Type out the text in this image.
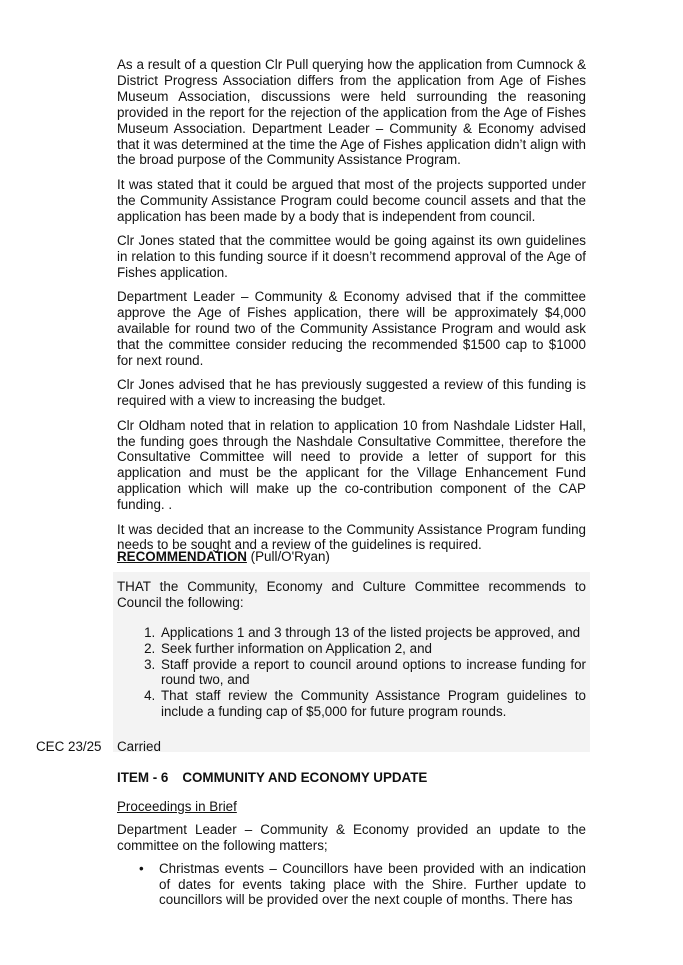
As a result of a question Clr Pull querying how the application from Cumnock & District Progress Association differs from the application from Age of Fishes Museum Association, discussions were held surrounding the reasoning provided in the report for the rejection of the application from the Age of Fishes Museum Association. Department Leader – Community & Economy advised that it was determined at the time the Age of Fishes application didn’t align with the broad purpose of the Community Assistance Program.

It was stated that it could be argued that most of the projects supported under the Community Assistance Program could become council assets and that the application has been made by a body that is independent from council.

Clr Jones stated that the committee would be going against its own guidelines in relation to this funding source if it doesn’t recommend approval of the Age of Fishes application.

Department Leader – Community & Economy advised that if the committee approve the Age of Fishes application, there will be approximately $4,000 available for round two of the Community Assistance Program and would ask that the committee consider reducing the recommended $1500 cap to $1000 for next round.

Clr Jones advised that he has previously suggested a review of this funding is required with a view to increasing the budget.

Clr Oldham noted that in relation to application 10 from Nashdale Lidster Hall, the funding goes through the Nashdale Consultative Committee, therefore the Consultative Committee will need to provide a letter of support for this application and must be the applicant for the Village Enhancement Fund application which will make up the co-contribution component of the CAP funding. .

It was decided that an increase to the Community Assistance Program funding needs to be sought and a review of the guidelines is required.

RECOMMENDATION (Pull/O'Ryan)

THAT the Community, Economy and Culture Committee recommends to Council the following:

1. Applications 1 and 3 through 13 of the listed projects be approved, and
2. Seek further information on Application 2, and
3. Staff provide a report to council around options to increase funding for round two, and
4. That staff review the Community Assistance Program guidelines to include a funding cap of $5,000 for future program rounds.
CEC 23/25 Carried
ITEM - 6 COMMUNITY AND ECONOMY UPDATE
Proceedings in Brief

Department Leader – Community & Economy provided an update to the committee on the following matters;

• Christmas events – Councillors have been provided with an indication of dates for events taking place with the Shire. Further update to councillors will be provided over the next couple of months. There has
